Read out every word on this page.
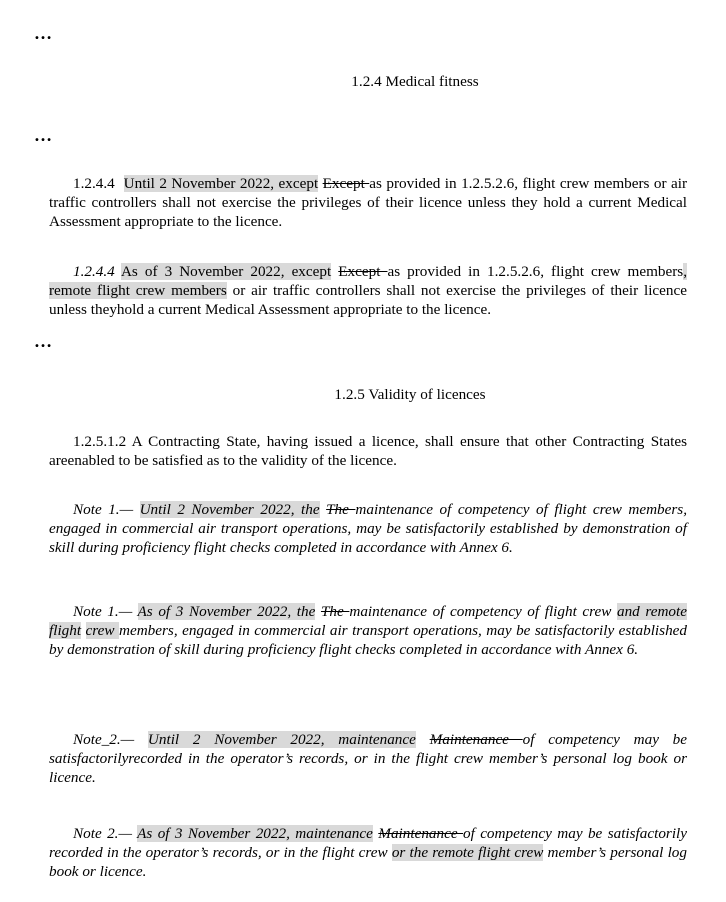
…
1.2.4 Medical fitness
…

1.2.4.4 Until 2 November 2022, except Except as provided in 1.2.5.2.6, flight crew members or air traffic controllers shall not exercise the privileges of their licence unless they hold a current Medical Assessment appropriate to the licence.

1.2.4.4 As of 3 November 2022, except Except as provided in 1.2.5.2.6, flight crew members, remote flight crew members or air traffic controllers shall not exercise the privileges of their licence unless theyhold a current Medical Assessment appropriate to the licence.

…
1.2.5 Validity of licences

1.2.5.1.2 A Contracting State, having issued a licence, shall ensure that other Contracting States areenabled to be satisfied as to the validity of the licence.

Note 1.— Until 2 November 2022, the The maintenance of competency of flight crew members, engaged in commercial air transport operations, may be satisfactorily established by demonstration of skill during proficiency flight checks completed in accordance with Annex 6.

Note 1.— As of 3 November 2022, the The maintenance of competency of flight crew and remote flight crew members, engaged in commercial air transport operations, may be satisfactorily established by demonstration of skill during proficiency flight checks completed in accordance with Annex 6.

Note_2.— Until 2 November 2022, maintenance Maintenance of competency may be satisfactorilyrecorded in the operator’s records, or in the flight crew member’s personal log book or licence.

Note 2.— As of 3 November 2022, maintenance Maintenance of competency may be satisfactorily recorded in the operator’s records, or in the flight crew or the remote flight crew member’s personal log book or licence.
